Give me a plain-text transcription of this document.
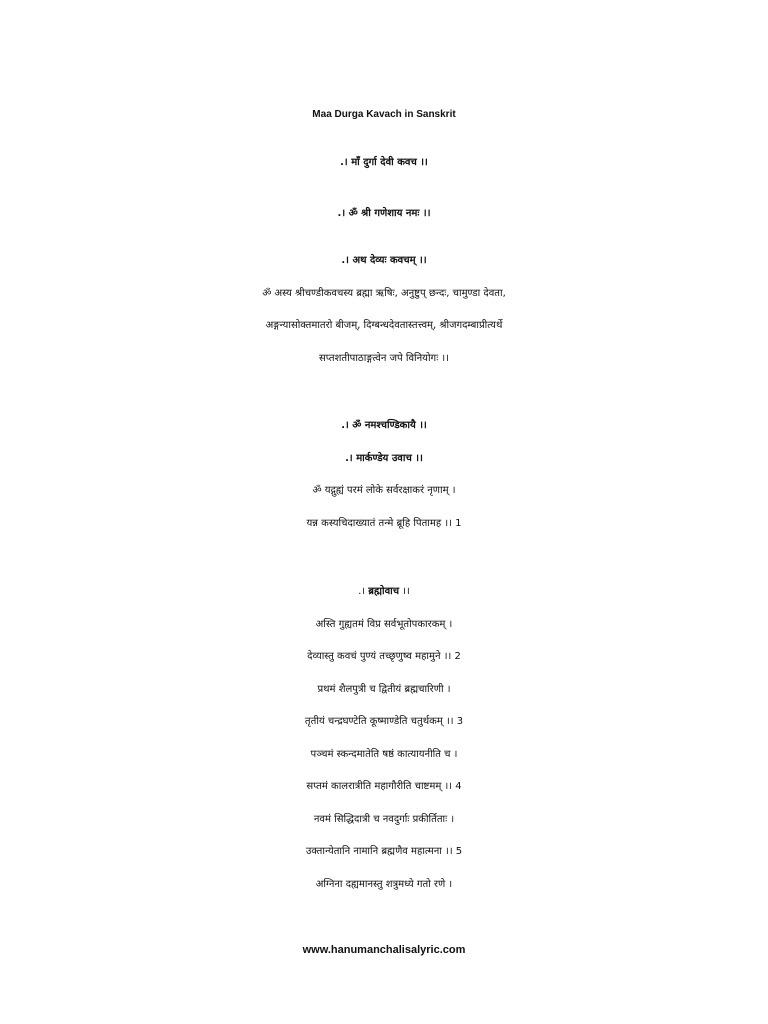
Maa Durga Kavach in Sanskrit
.। माँ दुर्गा देवी कवच ।।
.। ॐ श्री गणेशाय नमः ।।
.। अथ देव्यः कवचम् ।।
ॐ अस्य श्रीचण्डीकवचस्य ब्रह्मा ऋषिः, अनुष्टुप् छन्दः, चामुण्डा देवता,
अङ्गन्यासोक्तमातरो बीजम्, दिग्बन्धदेवतास्तत्त्वम्, श्रीजगदम्बाप्रीत्यर्थे
सप्तशतीपाठाङ्गत्वेन जपे विनियोगः ।।
.। ॐ नमश्चण्डिकायै ।।
.। मार्कण्डेय उवाच ।।
ॐ यद्गुह्यं परमं लोके सर्वरक्षाकरं नृणाम् ।
यन्न कस्यचिदाख्यातं तन्मे ब्रूहि पितामह ।। 1
.। ब्रह्मोवाच ।।
अस्ति गुह्यतमं विप्र सर्वभूतोपकारकम् ।
देव्यास्तु कवचं पुण्यं तच्छृणुष्व महामुने ।। 2
प्रथमं शैलपुत्री च द्वितीयं ब्रह्मचारिणी ।
तृतीयं चन्द्रघण्टेति कूष्माण्डेति चतुर्थकम् ।। 3
पञ्चमं स्कन्दमातेति षष्ठं कात्यायनीति च ।
सप्तमं कालरात्रीति महागौरीति चाष्टमम् ।। 4
नवमं सिद्धिदात्री च नवदुर्गाः प्रकीर्तिताः ।
उक्तान्येतानि नामानि ब्रह्मणैव महात्मना ।। 5
अग्निना दह्यमानस्तु शत्रुमध्ये गतो रणे ।
www.hanumanchalisalyric.com
